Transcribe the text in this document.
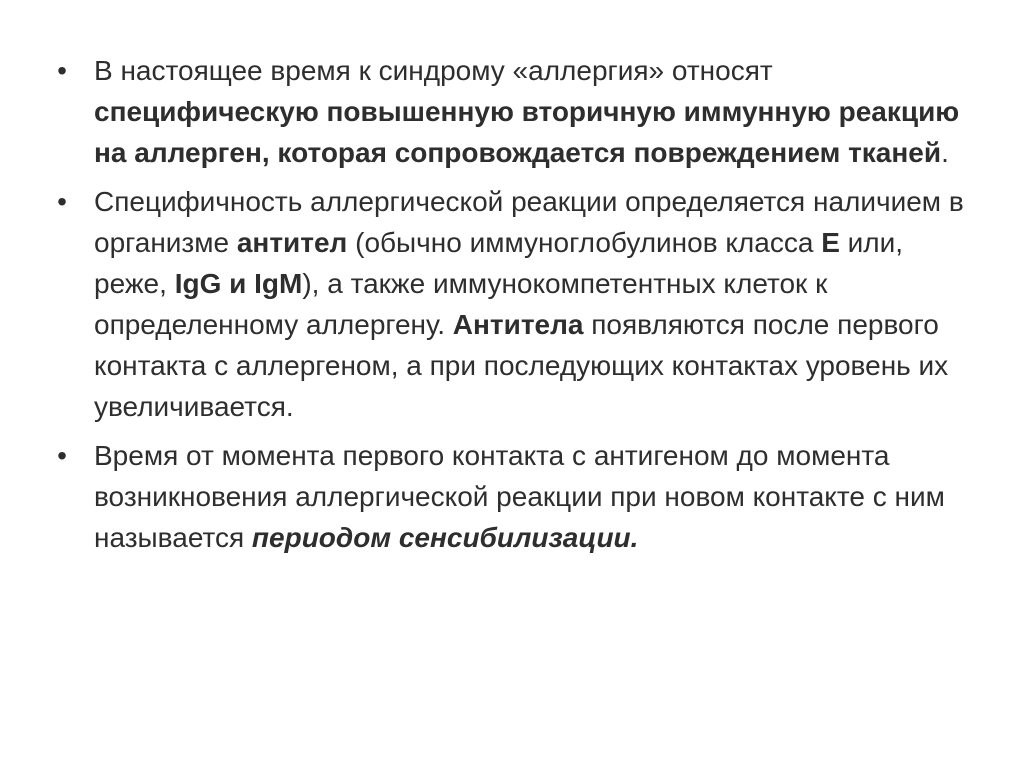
• В настоящее время к синдрому «аллергия» относят специфическую повышенную вторичную иммунную реакцию на аллерген, которая сопровождается повреждением тканей.
• Специфичность аллергической реакции определяется наличием в организме антител (обычно иммуноглобулинов класса Е или, реже, IgG и IgM), а также иммунокомпетентных клеток к определенному аллергену. Антитела появляются после первого контакта с аллергеном, а при последующих контактах уровень их увеличивается.
• Время от момента первого контакта с антигеном до момента возникновения аллергической реакции при новом контакте с ним называется периодом сенсибилизации.
